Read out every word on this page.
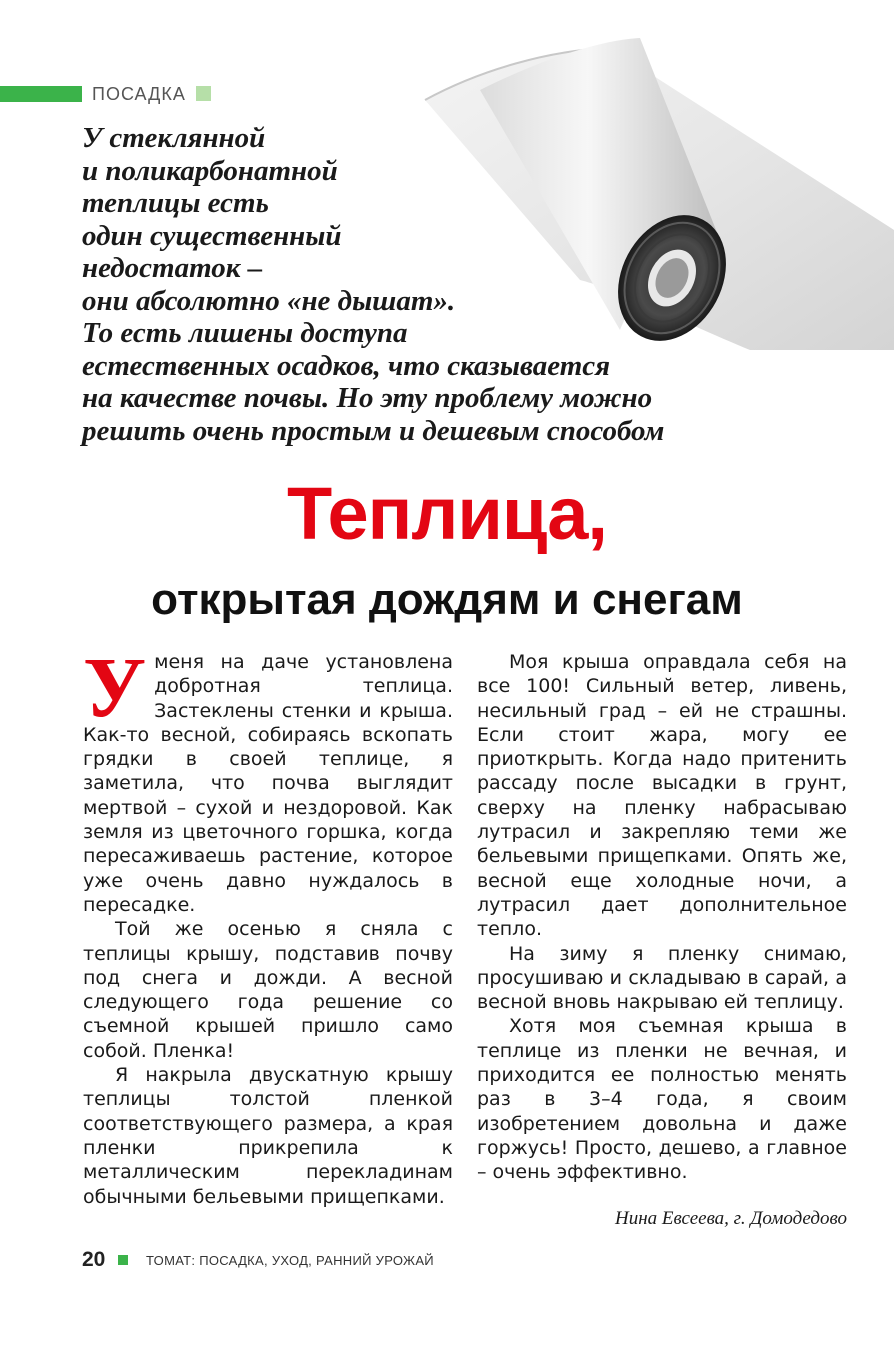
ПОСАДКА
У стеклянной
и поликарбонатной
теплицы есть
один существенный
недостаток –
они абсолютно «не дышат».
То есть лишены доступа
естественных осадков, что сказывается
на качестве почвы. Но эту проблему можно
решить очень простым и дешевым способом
Теплица,
открытая дождям и снегам

Уменя на даче установлена добротная теплица. Застеклены стенки и крыша. Как-то весной, собираясь вскопать грядки в своей теплице, я заметила, что почва выглядит мертвой – сухой и нездоровой. Как земля из цветочного горшка, когда пересаживаешь растение, которое уже очень давно нуждалось в пересадке.

Той же осенью я сняла с теплицы крышу, подставив почву под снега и дожди. А весной следующего года решение со съемной крышей пришло само собой. Пленка!

Я накрыла двускатную крышу теплицы толстой пленкой соответствующего размера, а края пленки прикрепила к металлическим перекладинам обычными бельевыми прищепками.

Моя крыша оправдала себя на все 100! Сильный ветер, ливень, несильный град – ей не страшны. Если стоит жара, могу ее приоткрыть. Когда надо притенить рассаду после высадки в грунт, сверху на пленку набрасываю лутрасил и закрепляю теми же бельевыми прищепками. Опять же, весной еще холодные ночи, а лутрасил дает дополнительное тепло.

На зиму я пленку снимаю, просушиваю и складываю в сарай, а весной вновь накрываю ей теплицу.

Хотя моя съемная крыша в теплице из пленки не вечная, и приходится ее полностью менять раз в 3–4 года, я своим изобретением довольна и даже горжусь! Просто, дешево, а главное – очень эффективно.

Нина Евсеева, г. Домодедово
20	ТОМАТ: ПОСАДКА, УХОД, РАННИЙ УРОЖАЙ
